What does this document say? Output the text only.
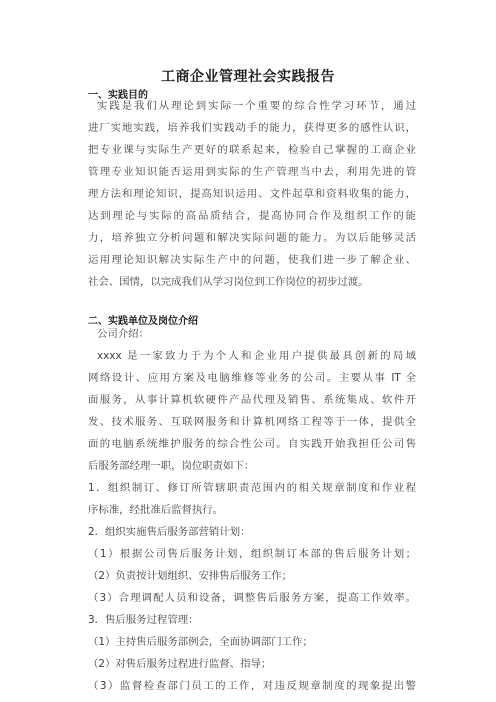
工商企业管理社会实践报告
一、实践目的
实践是我们从理论到实际一个重要的综合性学习环节，通过
进厂实地实践，培养我们实践动手的能力，获得更多的感性认识，
把专业课与实际生产更好的联系起来，检验自己掌握的工商企业
管理专业知识能否运用到实际的生产管理当中去，利用先进的管
理方法和理论知识，提高知识运用、文件起草和资料收集的能力，
达到理论与实际的高品质结合，提高协同合作及组织工作的能
力，培养独立分析问题和解决实际问题的能力。为以后能够灵活
运用理论知识解决实际生产中的问题，使我们进一步了解企业、
社会、国情，以完成我们从学习岗位到工作岗位的初步过渡。
二、实践单位及岗位介绍
公司介绍：
xxxx 是一家致力于为个人和企业用户提供最具创新的局域
网络设计、应用方案及电脑维修等业务的公司。主要从事 IT 全
面服务，从事计算机软硬件产品代理及销售、系统集成、软件开
发、技术服务、互联网服务和计算机网络工程等于一体，提供全
面的电脑系统维护服务的综合性公司。自实践开始我担任公司售
后服务部经理一职，岗位职责如下：
1．组织制订、修订所管辖职责范围内的相关规章制度和作业程
序标准，经批准后监督执行。
2．组织实施售后服务部营销计划：
（1）根据公司售后服务计划，组织制订本部的售后服务计划；
（2）负责按计划组织、安排售后服务工作；
（3）合理调配人员和设备，调整售后服务方案，提高工作效率。
3．售后服务过程管理：
（1）主持售后服务部例会，全面协调部门工作；
（2）对售后服务过程进行监督、指导；
（3）监督检查部门员工的工作，对违反规章制度的现象提出警
